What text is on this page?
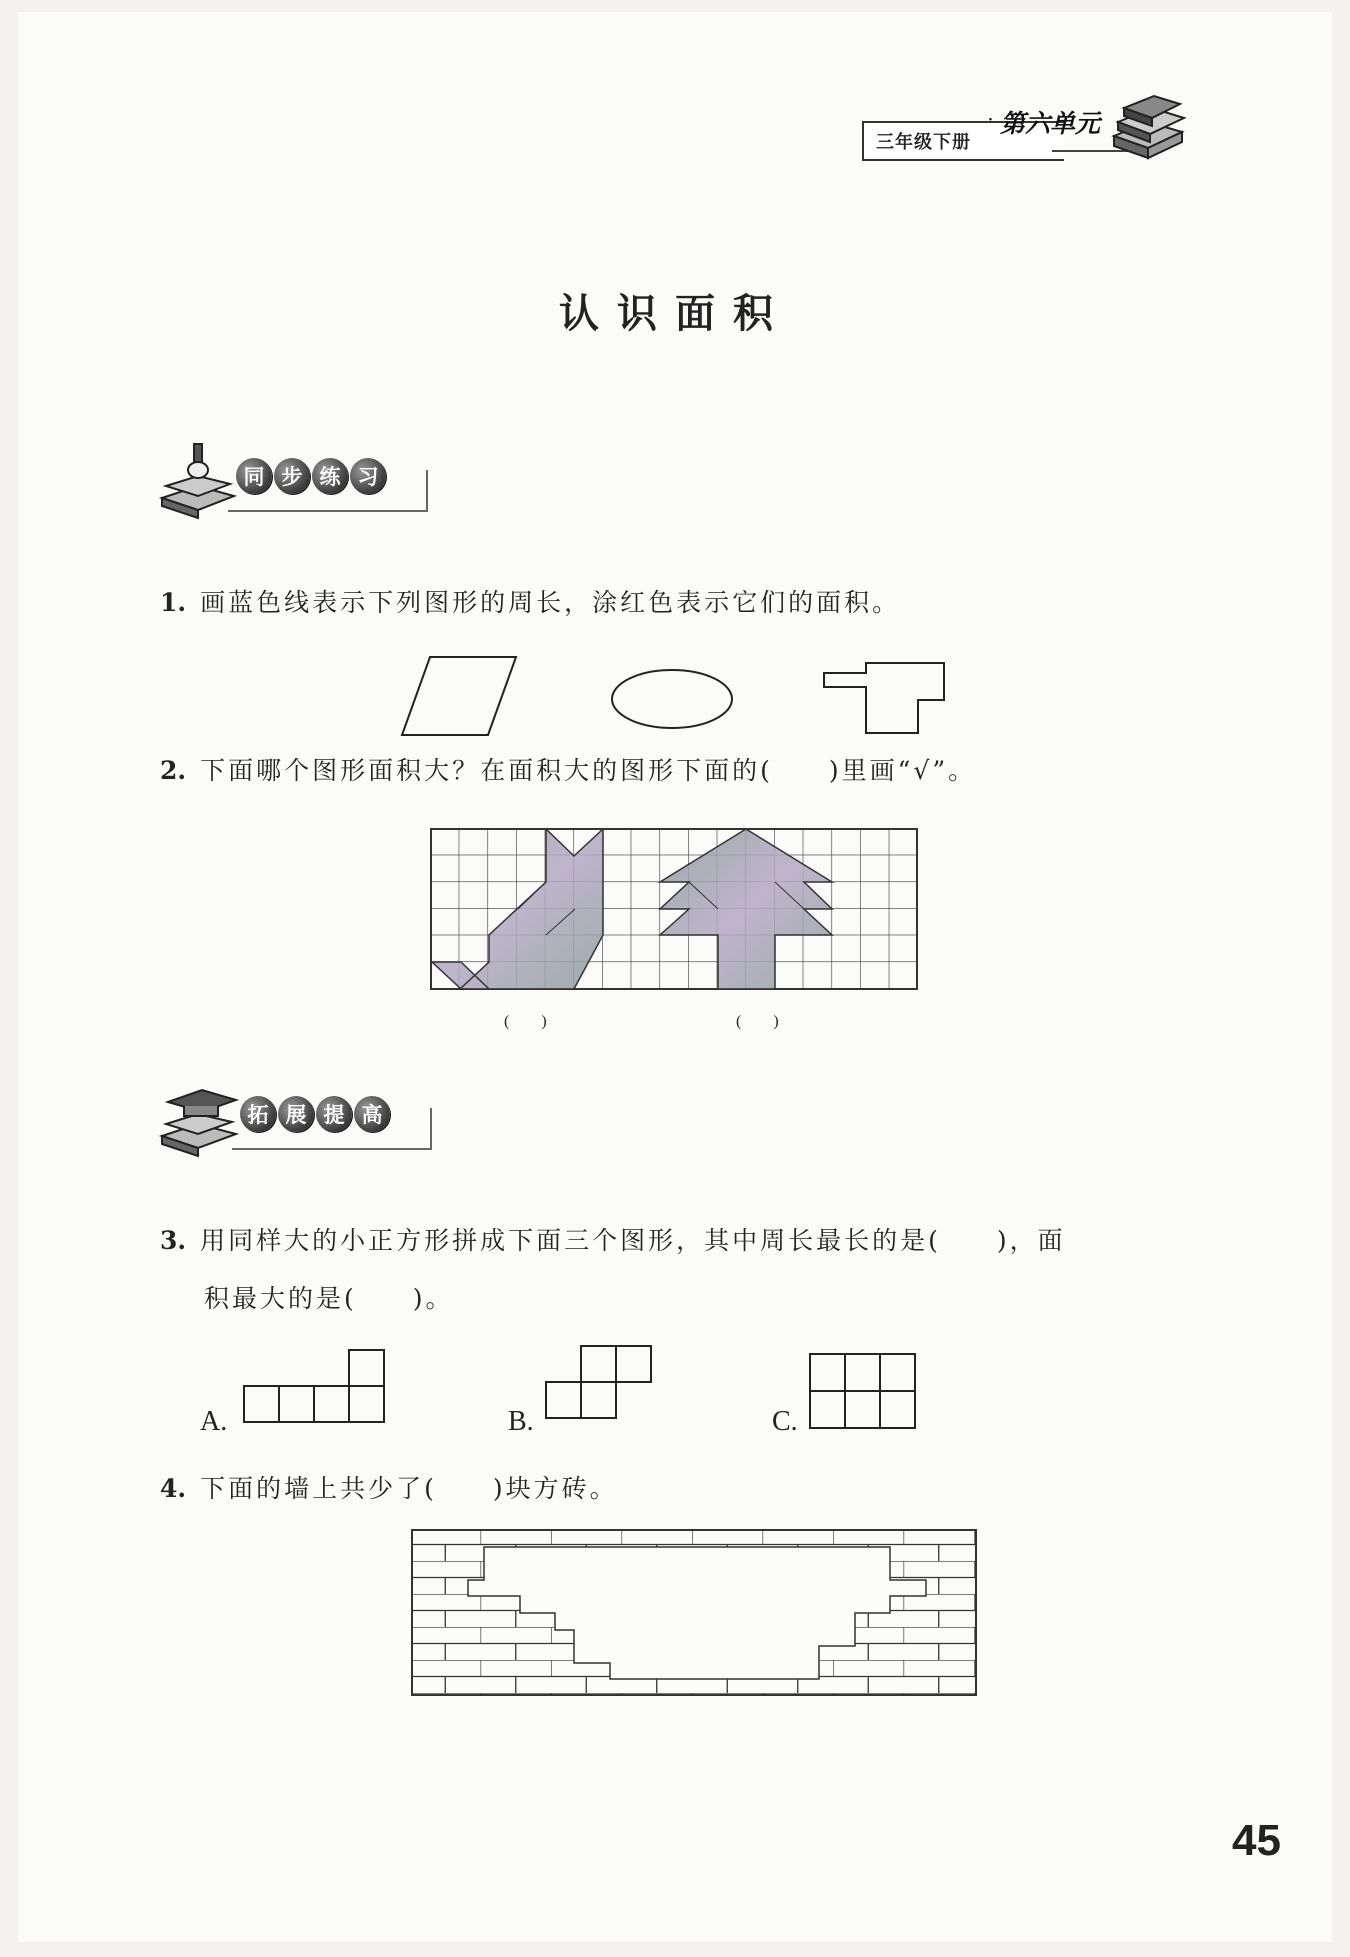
三年级下册
· 第六单元
认识面积
同 步 练 习
1. 画蓝色线表示下列图形的周长，涂红色表示它们的面积。
2. 下面哪个图形面积大？在面积大的图形下面的(　　)里画“√”。
(　　)	(　　)
拓 展 提 高
3. 用同样大的小正方形拼成下面三个图形，其中周长最长的是(　　)，面
积最大的是(　　)。
A.	B.	C.
4. 下面的墙上共少了(　　)块方砖。
45
